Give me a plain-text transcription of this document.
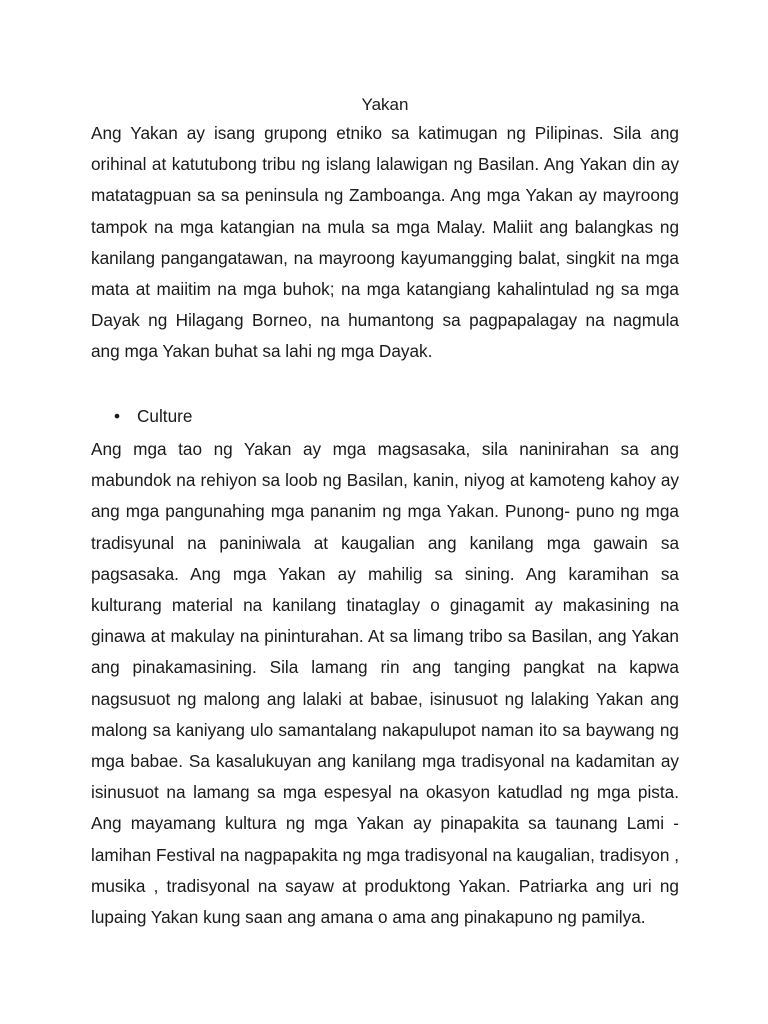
Yakan

Ang Yakan ay isang grupong etniko sa katimugan ng Pilipinas. Sila ang orihinal at katutubong tribu ng islang lalawigan ng Basilan. Ang Yakan din ay matatagpuan sa sa peninsula ng Zamboanga. Ang mga Yakan ay mayroong tampok na mga katangian na mula sa mga Malay. Maliit ang balangkas ng kanilang pangangatawan, na mayroong kayumangging balat, singkit na mga mata at maiitim na mga buhok; na mga katangiang kahalintulad ng sa mga Dayak ng Hilagang Borneo, na humantong sa pagpapalagay na nagmula ang mga Yakan buhat sa lahi ng mga Dayak.

• Culture

Ang mga tao ng Yakan ay mga magsasaka, sila naninirahan sa ang mabundok na rehiyon sa loob ng Basilan, kanin, niyog at kamoteng kahoy ay ang mga pangunahing mga pananim ng mga Yakan. Punong- puno ng mga tradisyunal na paniniwala at kaugalian ang kanilang mga gawain sa pagsasaka. Ang mga Yakan ay mahilig sa sining. Ang karamihan sa kulturang material na kanilang tinataglay o ginagamit ay makasining na ginawa at makulay na pininturahan. At sa limang tribo sa Basilan, ang Yakan ang pinakamasining. Sila lamang rin ang tanging pangkat na kapwa nagsusuot ng malong ang lalaki at babae, isinusuot ng lalaking Yakan ang malong sa kaniyang ulo samantalang nakapulupot naman ito sa baywang ng mga babae. Sa kasalukuyan ang kanilang mga tradisyonal na kadamitan ay isinusuot na lamang sa mga espesyal na okasyon katudlad ng mga pista. Ang mayamang kultura ng mga Yakan ay pinapakita sa taunang Lami - lamihan Festival na nagpapakita ng mga tradisyonal na kaugalian, tradisyon , musika , tradisyonal na sayaw at produktong Yakan. Patriarka ang uri ng lupaing Yakan kung saan ang amana o ama ang pinakapuno ng pamilya.
